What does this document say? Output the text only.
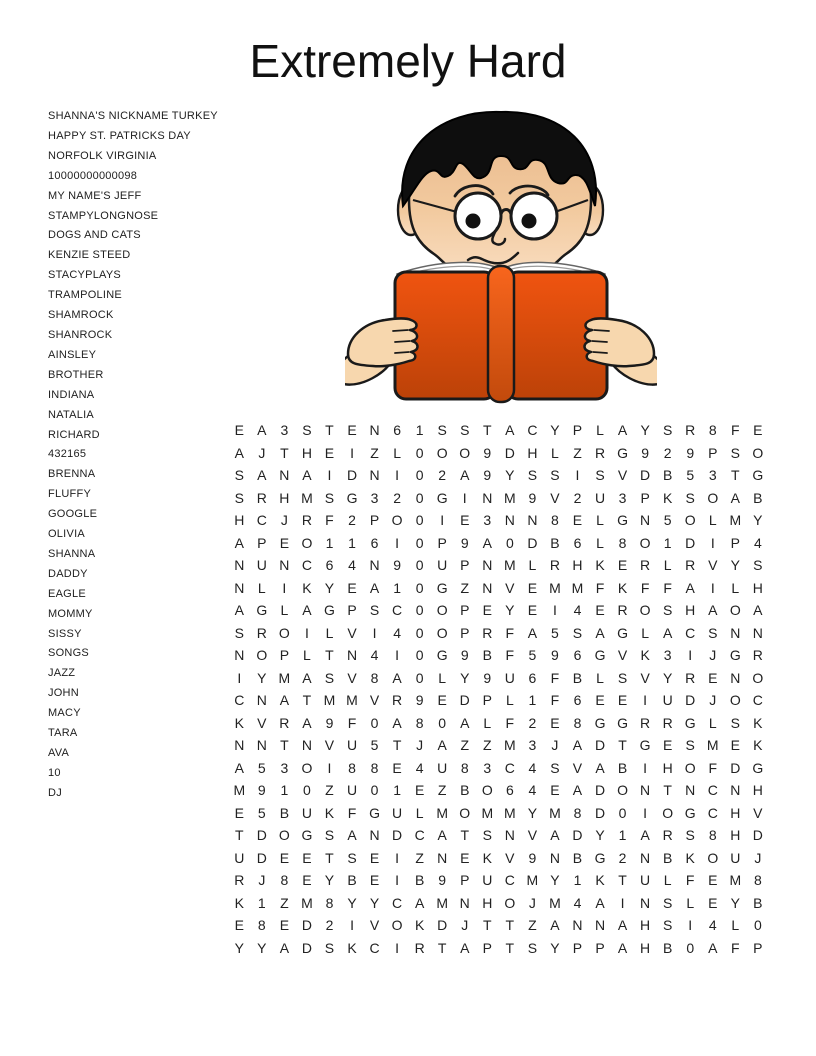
Extremely Hard
SHANNA'S NICKNAME TURKEY
HAPPY ST. PATRICKS DAY
NORFOLK VIRGINIA
10000000000098
MY NAME'S JEFF
STAMPYLONGNOSE
DOGS AND CATS
KENZIE STEED
STACYPLAYS
TRAMPOLINE
SHAMROCK
SHANROCK
AINSLEY
BROTHER
INDIANA
NATALIA
RICHARD
432165
BRENNA
FLUFFY
GOOGLE
OLIVIA
SHANNA
DADDY
EAGLE
MOMMY
SISSY
SONGS
JAZZ
JOHN
MACY
TARA
AVA
10
DJ
E A 3 S T E N 6	1 S S T A C Y P L A Y S R 8	F E
A	J	T H E	I	Z	L	0 O O 9 D H L	Z R G 9	2	9 P S O
S A N A	I	D N	I	0	2 A 9 Y S S	I	S V D B 5	3	T G
S R H M S G 3	2	0 G	I	N M 9 V 2 U 3 P K S O A B
H C J R F	2 P O 0	I	E 3 N N 8 E L G N 5 O L M Y
A P E O 1	1	6	I	0 P 9 A 0 D B 6	L	8 O 1 D	I	P 4
N U N C 6	4 N 9	0 U P N M L R H K E R L R V Y S
N L	I	K Y E A 1	0 G Z N V E M M F K F F A	I	L H
A G L A G P S C 0 O P E Y E	I	4 E R O S H A O A
S R O	I	L V	I	4	0 O P R F A 5 S A G L A C S N N
N O P L	T N 4	I	0 G 9 B F	5	9	6 G V K 3	I	J G R
I	Y M A S V 8 A 0	L Y 9 U 6	F B L S V Y R E N O
C N A T M M V R 9 E D P L	1	F	6 E E	I	U D J O C
K V R A 9	F	0 A 8	0 A L	F	2 E 8 G G R R G L S K
N N T N V U 5	T	J	A Z Z M 3	J	A D T G E S M E K
A 5	3 O	I	8	8 E 4 U 8	3 C 4 S V A B	I	H O F D G
M 9	1	0	Z U 0	1 E Z B O 6	4 E A D O N T N C N H
E 5 B U K F G U L M O M M Y M 8 D 0	I	O G C H V
T D O G S A N D C A T S N V A D Y 1 A R S 8 H D
U D E E T S E	I	Z N E K V 9 N B G 2 N B K O U J
R J	8 E Y B E	I	B 9 P U C M Y 1 K T U L	F E M 8
K 1	Z M 8 Y Y C A M N H O J M 4 A	I	N S L E Y B
E 8 E D 2	I	V O K D J	T T Z A N N A H S	I	4	L	0
Y Y A D S K C	I	R T A P T S Y P P A H B 0 A F P
